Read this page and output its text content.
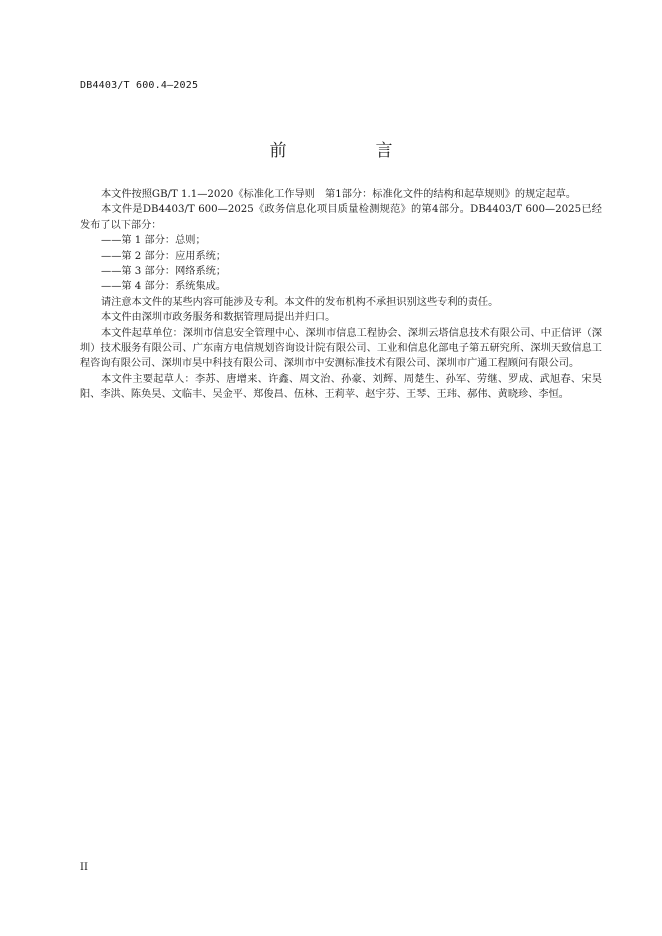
DB4403/T 600.4—2025
前　言

本文件按照GB/T 1.1—2020《标准化工作导则　第1部分：标准化文件的结构和起草规则》的规定起草。

本文件是DB4403/T 600—2025《政务信息化项目质量检测规范》的第4部分。DB4403/T 600—2025已经发布了以下部分：

——第 1 部分：总则；

——第 2 部分：应用系统；

——第 3 部分：网络系统；

——第 4 部分：系统集成。

请注意本文件的某些内容可能涉及专利。本文件的发布机构不承担识别这些专利的责任。

本文件由深圳市政务服务和数据管理局提出并归口。

本文件起草单位：深圳市信息安全管理中心、深圳市信息工程协会、深圳云塔信息技术有限公司、中正信评（深圳）技术服务有限公司、广东南方电信规划咨询设计院有限公司、工业和信息化部电子第五研究所、深圳天致信息工程咨询有限公司、深圳市昊中科技有限公司、深圳市中安测标准技术有限公司、深圳市广通工程顾问有限公司。

本文件主要起草人：李苏、唐增来、许鑫、周文治、孙豪、刘辉、周楚生、孙军、劳继、罗成、武旭春、宋昊阳、李洪、陈奂昊、文临丰、吴金平、郑俊昌、伍林、王莉苹、赵宇芬、王琴、王玮、郝伟、黄晓珍、李恒。

II
